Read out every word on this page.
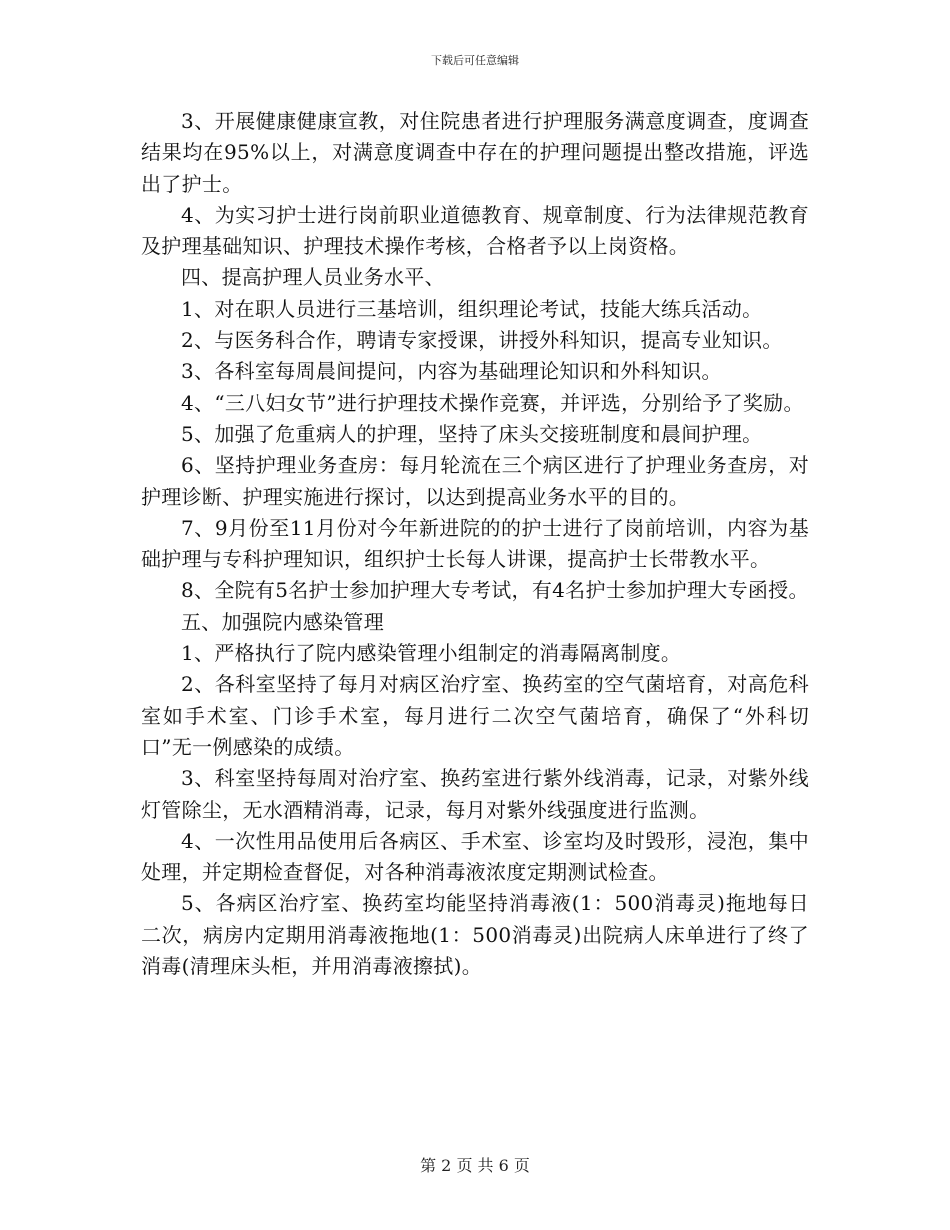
下载后可任意编辑

3、开展健康健康宣教，对住院患者进行护理服务满意度调查，度调查结果均在95%以上，对满意度调查中存在的护理问题提出整改措施，评选出了护士。

4、为实习护士进行岗前职业道德教育、规章制度、行为法律规范教育及护理基础知识、护理技术操作考核，合格者予以上岗资格。

四、提高护理人员业务水平、

1、对在职人员进行三基培训，组织理论考试，技能大练兵活动。

2、与医务科合作，聘请专家授课，讲授外科知识，提高专业知识。

3、各科室每周晨间提问，内容为基础理论知识和外科知识。

4、“三八妇女节”进行护理技术操作竞赛，并评选，分别给予了奖励。

5、加强了危重病人的护理，坚持了床头交接班制度和晨间护理。

6、坚持护理业务查房：每月轮流在三个病区进行了护理业务查房，对护理诊断、护理实施进行探讨，以达到提高业务水平的目的。

7、9月份至11月份对今年新进院的的护士进行了岗前培训，内容为基础护理与专科护理知识，组织护士长每人讲课，提高护士长带教水平。

8、全院有5名护士参加护理大专考试，有4名护士参加护理大专函授。

五、加强院内感染管理

1、严格执行了院内感染管理小组制定的消毒隔离制度。

2、各科室坚持了每月对病区治疗室、换药室的空气菌培育，对高危科室如手术室、门诊手术室，每月进行二次空气菌培育，确保了“外科切口”无一例感染的成绩。

3、科室坚持每周对治疗室、换药室进行紫外线消毒，记录，对紫外线灯管除尘，无水酒精消毒，记录，每月对紫外线强度进行监测。

4、一次性用品使用后各病区、手术室、诊室均及时毁形，浸泡，集中处理，并定期检查督促，对各种消毒液浓度定期测试检查。

5、各病区治疗室、换药室均能坚持消毒液(1：500消毒灵)拖地每日二次，病房内定期用消毒液拖地(1：500消毒灵)出院病人床单进行了终了消毒(清理床头柜，并用消毒液擦拭)。

第 2 页 共 6 页
